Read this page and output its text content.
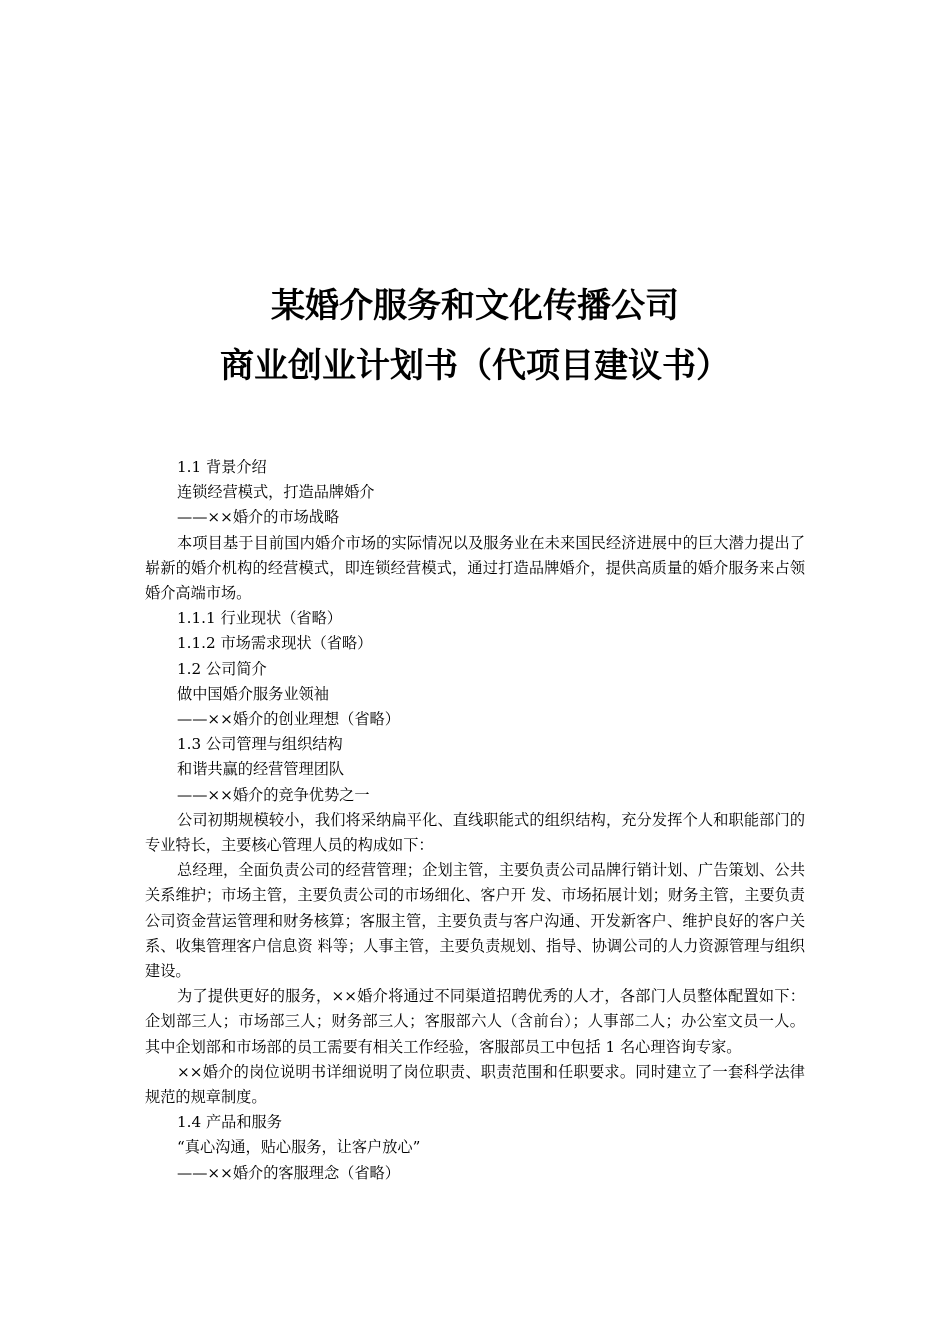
某婚介服务和文化传播公司
商业创业计划书（代项目建议书）
1.1 背景介绍
连锁经营模式，打造品牌婚介
——××婚介的市场战略
本项目基于目前国内婚介市场的实际情况以及服务业在未来国民经济进展中的巨大潜力提出了崭新的婚介机构的经营模式，即连锁经营模式，通过打造品牌婚介，提供高质量的婚介服务来占领婚介高端市场。
1.1.1 行业现状（省略）
1.1.2 市场需求现状（省略）
1.2 公司简介
做中国婚介服务业领袖
——××婚介的创业理想（省略）
1.3 公司管理与组织结构
和谐共赢的经营管理团队
——××婚介的竞争优势之一
公司初期规模较小，我们将采纳扁平化、直线职能式的组织结构，充分发挥个人和职能部门的专业特长，主要核心管理人员的构成如下：
总经理，全面负责公司的经营管理；企划主管，主要负责公司品牌行销计划、广告策划、公共关系维护；市场主管，主要负责公司的市场细化、客户开 发、市场拓展计划；财务主管，主要负责公司资金营运管理和财务核算；客服主管，主要负责与客户沟通、开发新客户、维护良好的客户关系、收集管理客户信息资 料等；人事主管，主要负责规划、指导、协调公司的人力资源管理与组织建设。
为了提供更好的服务，××婚介将通过不同渠道招聘优秀的人才，各部门人员整体配置如下：企划部三人；市场部三人；财务部三人；客服部六人（含前台）；人事部二人；办公室文员一人。其中企划部和市场部的员工需要有相关工作经验，客服部员工中包括 1 名心理咨询专家。
××婚介的岗位说明书详细说明了岗位职责、职责范围和任职要求。同时建立了一套科学法律规范的规章制度。
1.4 产品和服务
“真心沟通，贴心服务，让客户放心”
——××婚介的客服理念（省略）
